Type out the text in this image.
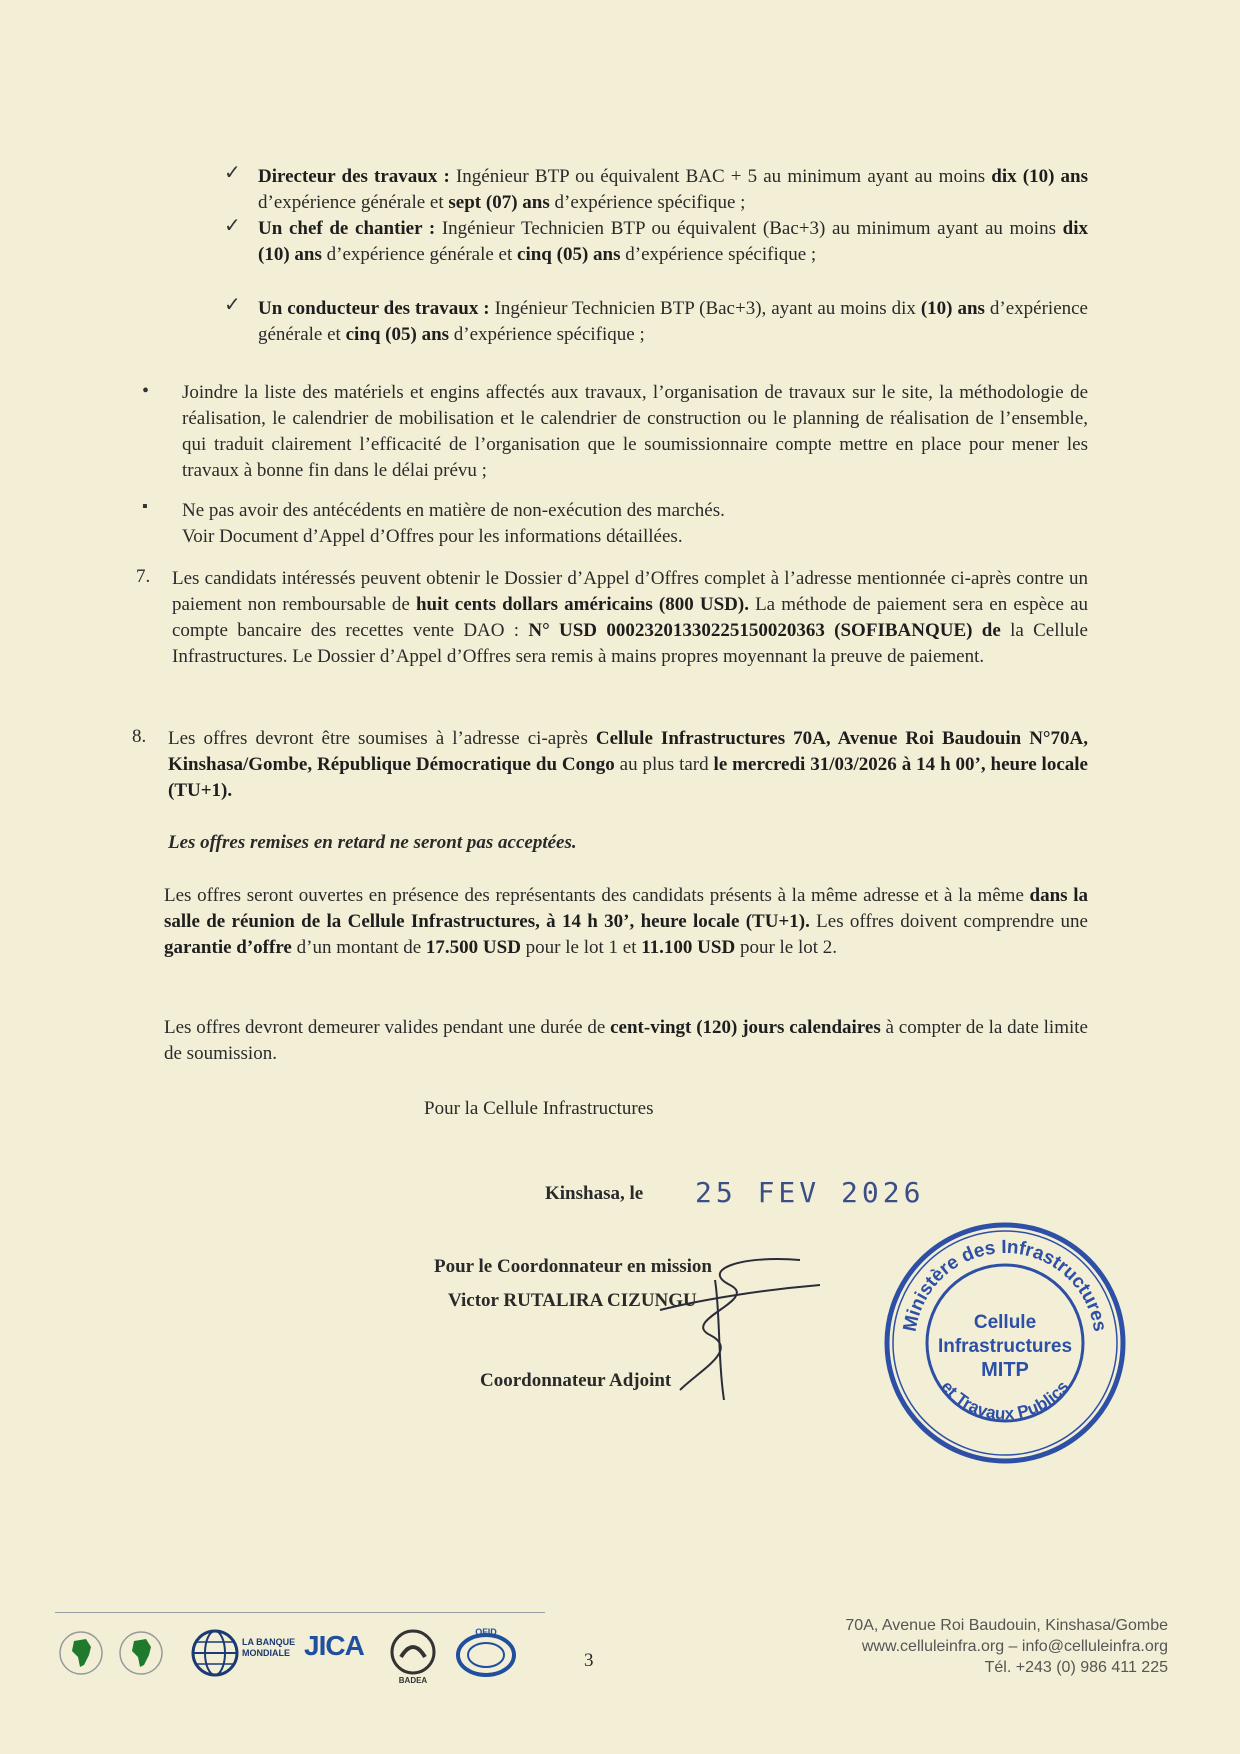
✓ Directeur des travaux : Ingénieur BTP ou équivalent BAC + 5 au minimum ayant au moins dix (10) ans d’expérience générale et sept (07) ans d’expérience spécifique ;
✓ Un chef de chantier : Ingénieur Technicien BTP ou équivalent (Bac+3) au minimum ayant au moins dix (10) ans d’expérience générale et cinq (05) ans d’expérience spécifique ;
✓ Un conducteur des travaux : Ingénieur Technicien BTP (Bac+3), ayant au moins dix (10) ans d’expérience générale et cinq (05) ans d’expérience spécifique ;
• Joindre la liste des matériels et engins affectés aux travaux, l’organisation de travaux sur le site, la méthodologie de réalisation, le calendrier de mobilisation et le calendrier de construction ou le planning de réalisation de l’ensemble, qui traduit clairement l’efficacité de l’organisation que le soumissionnaire compte mettre en place pour mener les travaux à bonne fin dans le délai prévu ;
▪ Ne pas avoir des antécédents en matière de non-exécution des marchés.
Voir Document d’Appel d’Offres pour les informations détaillées.
7. Les candidats intéressés peuvent obtenir le Dossier d’Appel d’Offres complet à l’adresse mentionnée ci-après contre un paiement non remboursable de huit cents dollars américains (800 USD). La méthode de paiement sera en espèce au compte bancaire des recettes vente DAO : N° USD 00023201330225150020363 (SOFIBANQUE) de la Cellule Infrastructures. Le Dossier d’Appel d’Offres sera remis à mains propres moyennant la preuve de paiement.
8. Les offres devront être soumises à l’adresse ci-après Cellule Infrastructures 70A, Avenue Roi Baudouin N°70A, Kinshasa/Gombe, République Démocratique du Congo au plus tard le mercredi 31/03/2026 à 14 h 00’, heure locale (TU+1).
Les offres remises en retard ne seront pas acceptées.
Les offres seront ouvertes en présence des représentants des candidats présents à la même adresse et à la même dans la salle de réunion de la Cellule Infrastructures, à 14 h 30’, heure locale (TU+1). Les offres doivent comprendre une garantie d’offre d’un montant de 17.500 USD pour le lot 1 et 11.100 USD pour le lot 2.
Les offres devront demeurer valides pendant une durée de cent-vingt (120) jours calendaires à compter de la date limite de soumission.
Pour la Cellule Infrastructures
Kinshasa, le 25 FEV 2026
Pour le Coordonnateur en mission
Victor RUTALIRA CIZUNGU
Coordonnateur Adjoint
Ministère des Infrastructures
et Travaux Publics
Cellule
Infrastructures
MITP
LA BANQUE MONDIALE JICA
BADEA
OFID
3
70A, Avenue Roi Baudouin, Kinshasa/Gombe
www.celluleinfra.org – info@celluleinfra.org
Tél. +243 (0) 986 411 225
